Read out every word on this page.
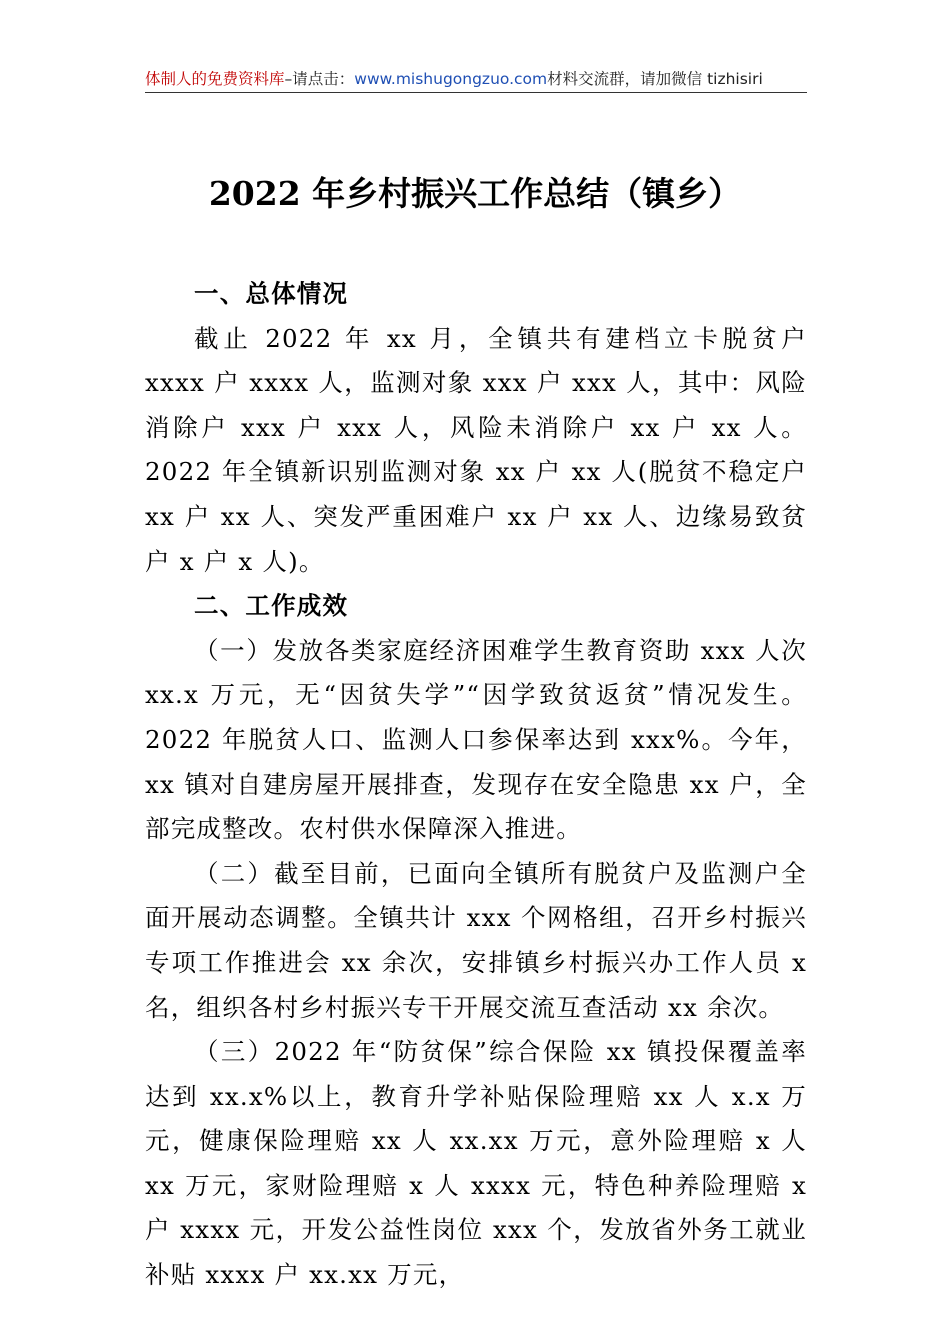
体制人的免费资料库–请点击：www.mishugongzuo.com材料交流群，请加微信 tizhisiri
2022 年乡村振兴工作总结（镇乡）
一、总体情况

截止 2022 年 xx 月，全镇共有建档立卡脱贫户 xxxx 户 xxxx 人，监测对象 xxx 户 xxx 人，其中：风险消除户 xxx 户 xxx 人，风险未消除户 xx 户 xx 人。2022 年全镇新识别监测对象 xx 户 xx 人(脱贫不稳定户 xx 户 xx 人、突发严重困难户 xx 户 xx 人、边缘易致贫户 x 户 x 人)。

二、工作成效

（一）发放各类家庭经济困难学生教育资助 xxx 人次 xx.x 万元，无“因贫失学”“因学致贫返贫”情况发生。2022 年脱贫人口、监测人口参保率达到 xxx%。今年，xx 镇对自建房屋开展排查，发现存在安全隐患 xx 户，全部完成整改。农村供水保障深入推进。

（二）截至目前，已面向全镇所有脱贫户及监测户全面开展动态调整。全镇共计 xxx 个网格组，召开乡村振兴专项工作推进会 xx 余次，安排镇乡村振兴办工作人员 x 名，组织各村乡村振兴专干开展交流互查活动 xx 余次。

（三）2022 年“防贫保”综合保险 xx 镇投保覆盖率达到 xx.x%以上，教育升学补贴保险理赔 xx 人 x.x 万元，健康保险理赔 xx 人 xx.xx 万元，意外险理赔 x 人 xx 万元，家财险理赔 x 人 xxxx 元，特色种养险理赔 x 户 xxxx 元，开发公益性岗位 xxx 个，发放省外务工就业补贴 xxxx 户 xx.xx 万元，
